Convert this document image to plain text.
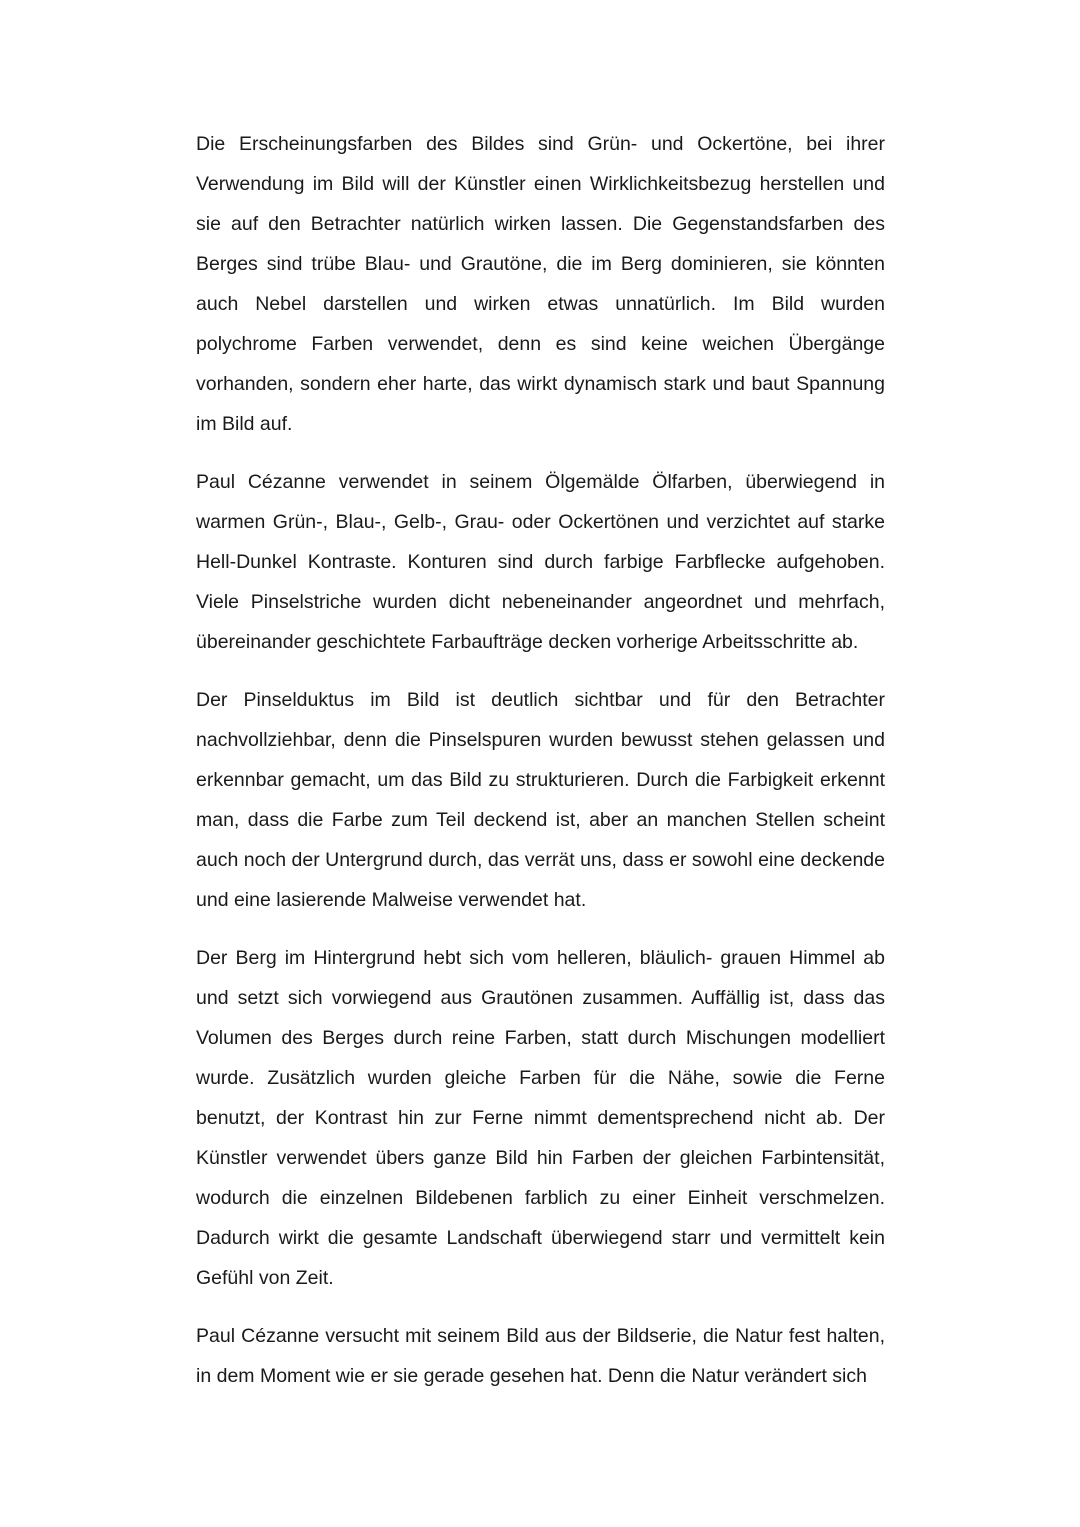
Die Erscheinungsfarben des Bildes sind Grün- und Ockertöne, bei ihrer Verwendung im Bild will der Künstler einen Wirklichkeitsbezug herstellen und sie auf den Betrachter natürlich wirken lassen. Die Gegenstandsfarben des Berges sind trübe Blau- und Grautöne, die im Berg dominieren, sie könnten auch Nebel darstellen und wirken etwas unnatürlich. Im Bild wurden polychrome Farben verwendet, denn es sind keine weichen Übergänge vorhanden, sondern eher harte, das wirkt dynamisch stark und baut Spannung im Bild auf.

Paul Cézanne verwendet in seinem Ölgemälde Ölfarben, überwiegend in warmen Grün-, Blau-, Gelb-, Grau- oder Ockertönen und verzichtet auf starke Hell-Dunkel Kontraste. Konturen sind durch farbige Farbflecke aufgehoben. Viele Pinselstriche wurden dicht nebeneinander angeordnet und mehrfach, übereinander geschichtete Farbaufträge decken vorherige Arbeitsschritte ab.

Der Pinselduktus im Bild ist deutlich sichtbar und für den Betrachter nachvollziehbar, denn die Pinselspuren wurden bewusst stehen gelassen und erkennbar gemacht, um das Bild zu strukturieren. Durch die Farbigkeit erkennt man, dass die Farbe zum Teil deckend ist, aber an manchen Stellen scheint auch noch der Untergrund durch, das verrät uns, dass er sowohl eine deckende und eine lasierende Malweise verwendet hat.

Der Berg im Hintergrund hebt sich vom helleren, bläulich- grauen Himmel ab und setzt sich vorwiegend aus Grautönen zusammen. Auffällig ist, dass das Volumen des Berges durch reine Farben, statt durch Mischungen modelliert wurde. Zusätzlich wurden gleiche Farben für die Nähe, sowie die Ferne benutzt, der Kontrast hin zur Ferne nimmt dementsprechend nicht ab. Der Künstler verwendet übers ganze Bild hin Farben der gleichen Farbintensität, wodurch die einzelnen Bildebenen farblich zu einer Einheit verschmelzen. Dadurch wirkt die gesamte Landschaft überwiegend starr und vermittelt kein Gefühl von Zeit.

Paul Cézanne versucht mit seinem Bild aus der Bildserie, die Natur fest halten, in dem Moment wie er sie gerade gesehen hat. Denn die Natur verändert sich
